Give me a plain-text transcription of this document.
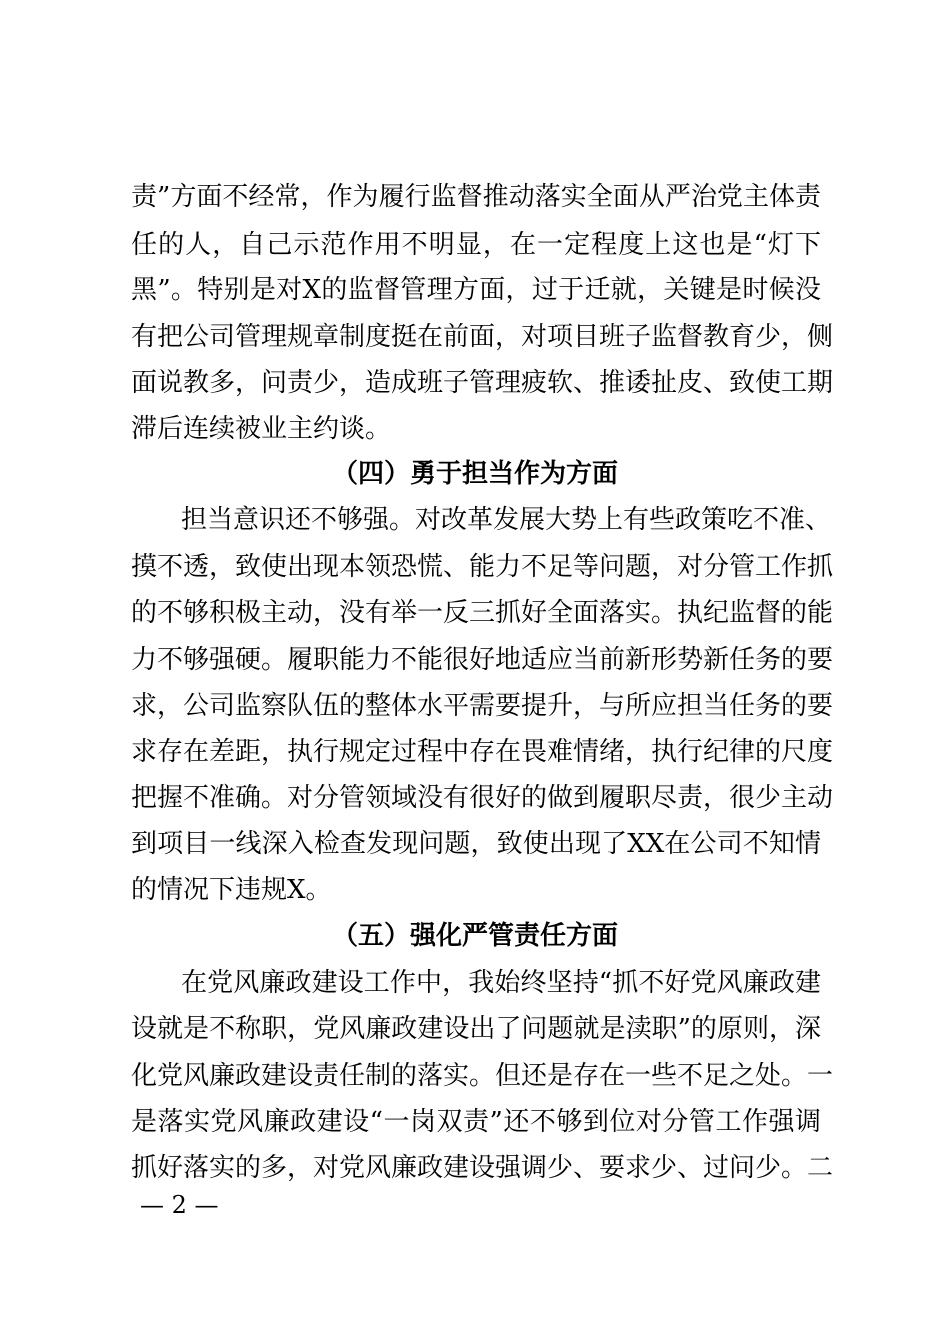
责”方面不经常，作为履行监督推动落实全面从严治党主体责
任的人，自己示范作用不明显，在一定程度上这也是“灯下
黑”。特别是对X的监督管理方面，过于迁就，关键是时候没
有把公司管理规章制度挺在前面，对项目班子监督教育少，侧
面说教多，问责少，造成班子管理疲软、推诿扯皮、致使工期
滞后连续被业主约谈。
（四）勇于担当作为方面
担当意识还不够强。对改革发展大势上有些政策吃不准、
摸不透，致使出现本领恐慌、能力不足等问题，对分管工作抓
的不够积极主动，没有举一反三抓好全面落实。执纪监督的能
力不够强硬。履职能力不能很好地适应当前新形势新任务的要
求，公司监察队伍的整体水平需要提升，与所应担当任务的要
求存在差距，执行规定过程中存在畏难情绪，执行纪律的尺度
把握不准确。对分管领域没有很好的做到履职尽责，很少主动
到项目一线深入检查发现问题，致使出现了XX在公司不知情
的情况下违规X。
（五）强化严管责任方面
在党风廉政建设工作中，我始终坚持“抓不好党风廉政建
设就是不称职，党风廉政建设出了问题就是渎职”的原则，深
化党风廉政建设责任制的落实。但还是存在一些不足之处。一
是落实党风廉政建设“一岗双责”还不够到位对分管工作强调
抓好落实的多，对党风廉政建设强调少、要求少、过问少。二
— 2 —
